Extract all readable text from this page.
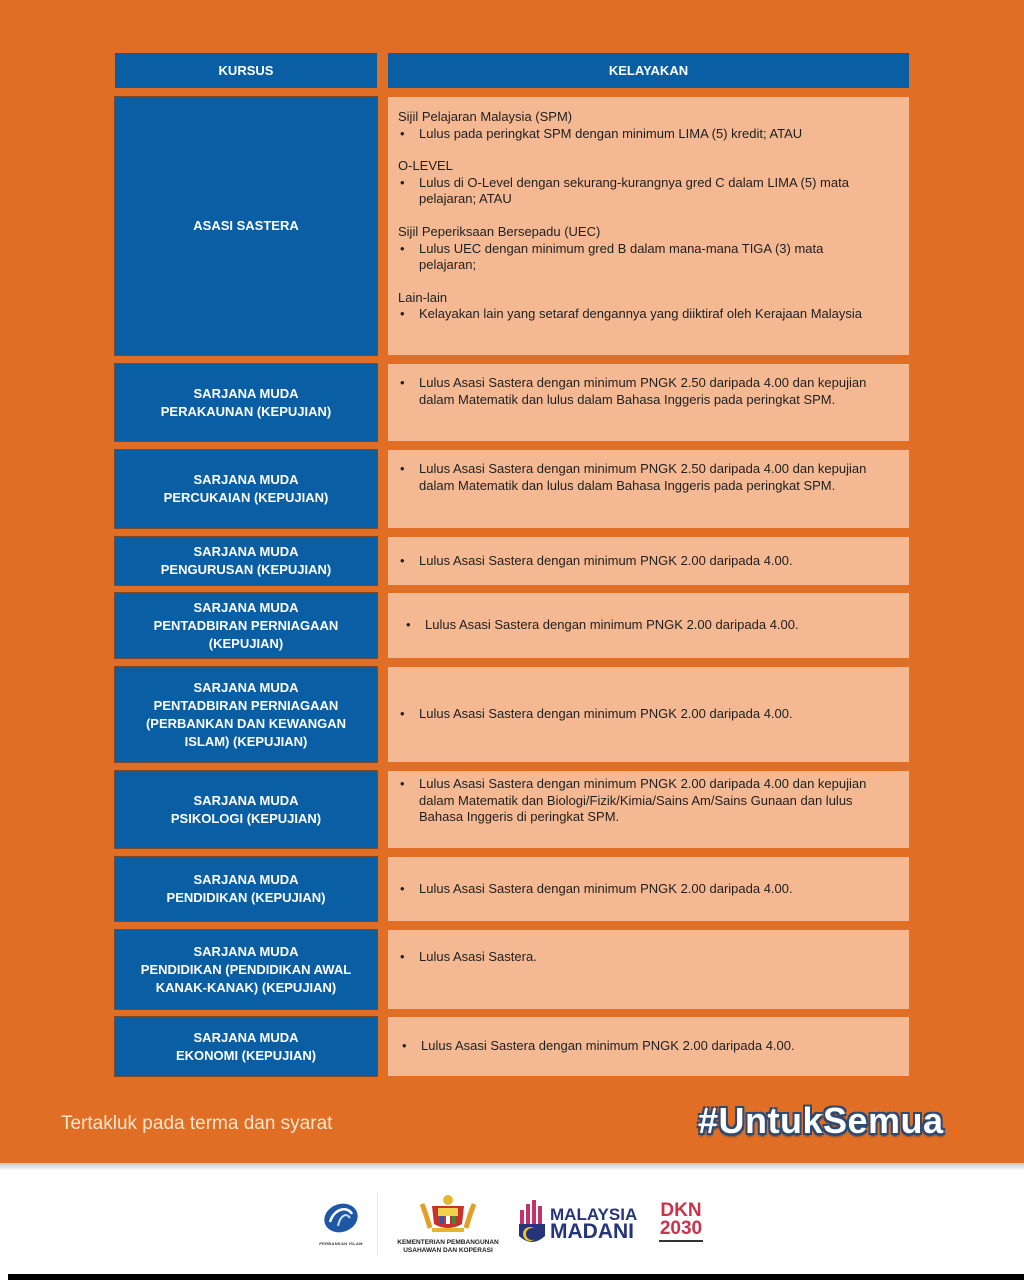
KURSUS	KELAYAKAN
ASASI SASTERA
Sijil Pelajaran Malaysia (SPM)
•	Lulus pada peringkat SPM dengan minimum LIMA (5) kredit; ATAU
O-LEVEL
•	Lulus di O-Level dengan sekurang-kurangnya gred C dalam LIMA (5) mata pelajaran; ATAU
Sijil Peperiksaan Bersepadu (UEC)
•	Lulus UEC dengan minimum gred B dalam mana-mana TIGA (3) mata pelajaran;
Lain-lain
•	Kelayakan lain yang setaraf dengannya yang diiktiraf oleh Kerajaan Malaysia
SARJANA MUDA
PERAKAUNAN (KEPUJIAN)
•	Lulus Asasi Sastera dengan minimum PNGK 2.50 daripada 4.00 dan kepujian dalam Matematik dan lulus dalam Bahasa Inggeris pada peringkat SPM.
SARJANA MUDA
PERCUKAIAN (KEPUJIAN)
•	Lulus Asasi Sastera dengan minimum PNGK 2.50 daripada 4.00 dan kepujian dalam Matematik dan lulus dalam Bahasa Inggeris pada peringkat SPM.
SARJANA MUDA
PENGURUSAN (KEPUJIAN)
•	Lulus Asasi Sastera dengan minimum PNGK 2.00 daripada 4.00.
SARJANA MUDA
PENTADBIRAN PERNIAGAAN
(KEPUJIAN)
•	Lulus Asasi Sastera dengan minimum PNGK 2.00 daripada 4.00.
SARJANA MUDA
PENTADBIRAN PERNIAGAAN
(PERBANKAN DAN KEWANGAN
ISLAM) (KEPUJIAN)
•	Lulus Asasi Sastera dengan minimum PNGK 2.00 daripada 4.00.
SARJANA MUDA
PSIKOLOGI (KEPUJIAN)
•	Lulus Asasi Sastera dengan minimum PNGK 2.00 daripada 4.00 dan kepujian dalam Matematik dan Biologi/Fizik/Kimia/Sains Am/Sains Gunaan dan lulus Bahasa Inggeris di peringkat SPM.
SARJANA MUDA
PENDIDIKAN (KEPUJIAN)
•	Lulus Asasi Sastera dengan minimum PNGK 2.00 daripada 4.00.
SARJANA MUDA
PENDIDIKAN (PENDIDIKAN AWAL
KANAK-KANAK) (KEPUJIAN)
•	Lulus Asasi Sastera.
SARJANA MUDA
EKONOMI (KEPUJIAN)
•	Lulus Asasi Sastera dengan minimum PNGK 2.00 daripada 4.00.
Tertakluk pada terma dan syarat	#UntukSemua
PERBANKAN ISLAM	KEMENTERIAN PEMBANGUNAN
USAHAWAN DAN KOPERASI
MALAYSIA
MADANI
DKN
2030
